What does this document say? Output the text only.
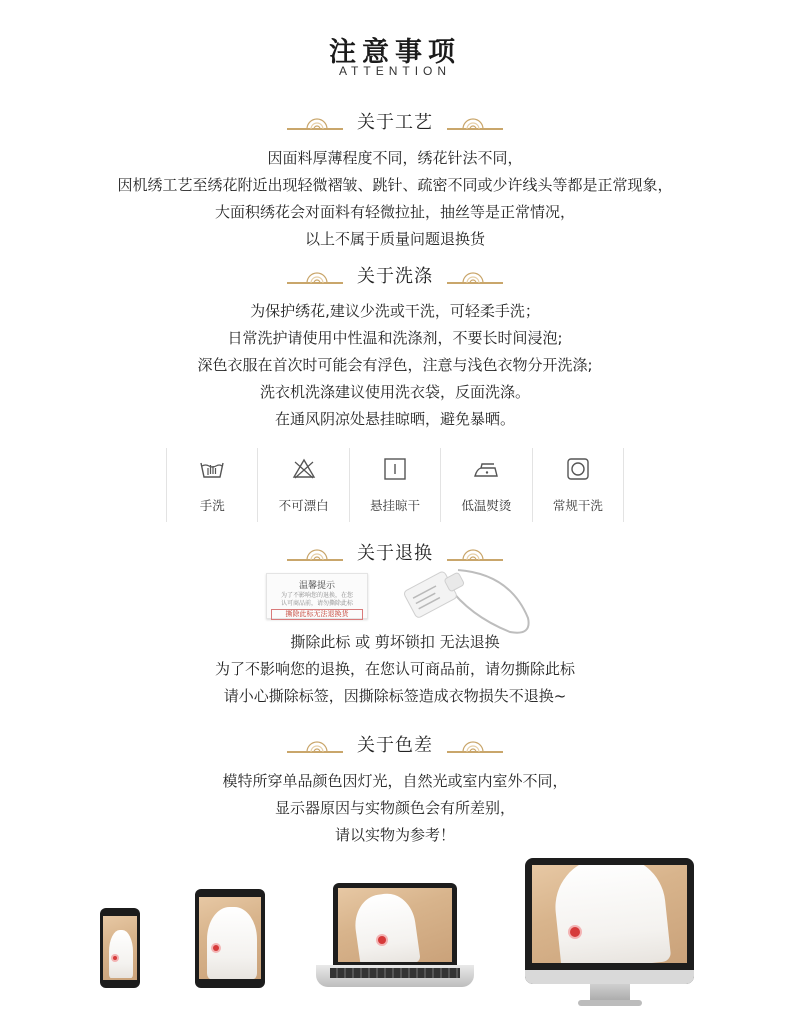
注意事项
ATTENTION
关于工艺
因面料厚薄程度不同，绣花针法不同，
因机绣工艺至绣花附近出现轻微褶皱、跳针、疏密不同或少许线头等都是正常现象，
大面积绣花会对面料有轻微拉扯，抽丝等是正常情况，
以上不属于质量问题退换货
关于洗涤
为保护绣花,建议少洗或干洗，可轻柔手洗；
日常洗护请使用中性温和洗涤剂，不要长时间浸泡;
深色衣服在首次时可能会有浮色，注意与浅色衣物分开洗涤;
洗衣机洗涤建议使用洗衣袋，反面洗涤。
在通风阴凉处悬挂晾晒，避免暴晒。
手洗	不可漂白	悬挂晾干	低温熨烫	常规干洗
关于退换
温馨提示
为了不影响您的退换，在您
认可商品前，请勿撕除此标
撕除此标无法退换货
撕除此标 或 剪坏锁扣 无法退换
为了不影响您的退换，在您认可商品前，请勿撕除此标
请小心撕除标签，因撕除标签造成衣物损失不退换~
关于色差
模特所穿单品颜色因灯光，自然光或室内室外不同，
显示器原因与实物颜色会有所差别，
请以实物为参考！
